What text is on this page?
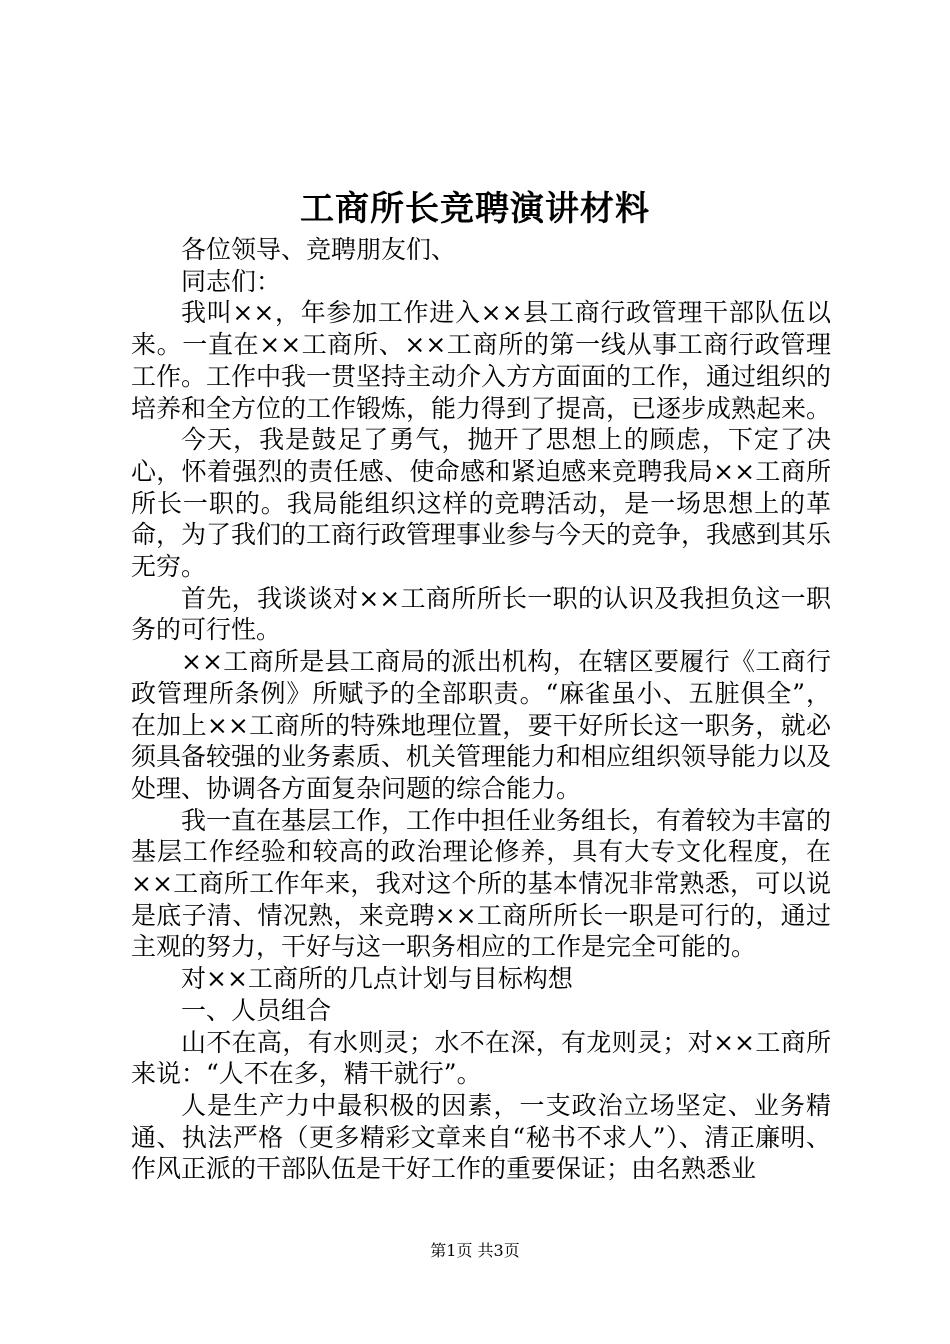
工商所长竞聘演讲材料

各位领导、竞聘朋友们、

同志们：

我叫××，年参加工作进入××县工商行政管理干部队伍以来。一直在××工商所、××工商所的第一线从事工商行政管理工作。工作中我一贯坚持主动介入方方面面的工作，通过组织的培养和全方位的工作锻炼，能力得到了提高，已逐步成熟起来。

今天，我是鼓足了勇气，抛开了思想上的顾虑，下定了决心，怀着强烈的责任感、使命感和紧迫感来竞聘我局××工商所所长一职的。我局能组织这样的竞聘活动，是一场思想上的革命，为了我们的工商行政管理事业参与今天的竞争，我感到其乐无穷。

首先，我谈谈对××工商所所长一职的认识及我担负这一职务的可行性。

××工商所是县工商局的派出机构，在辖区要履行《工商行政管理所条例》所赋予的全部职责。“麻雀虽小、五脏俱全”，在加上××工商所的特殊地理位置，要干好所长这一职务，就必须具备较强的业务素质、机关管理能力和相应组织领导能力以及处理、协调各方面复杂问题的综合能力。

我一直在基层工作，工作中担任业务组长，有着较为丰富的基层工作经验和较高的政治理论修养，具有大专文化程度，在××工商所工作年来，我对这个所的基本情况非常熟悉，可以说是底子清、情况熟，来竞聘××工商所所长一职是可行的，通过主观的努力，干好与这一职务相应的工作是完全可能的。

对××工商所的几点计划与目标构想

一、人员组合

山不在高，有水则灵；水不在深，有龙则灵；对××工商所来说：“人不在多，精干就行”。

人是生产力中最积极的因素，一支政治立场坚定、业务精通、执法严格（更多精彩文章来自“秘书不求人”）、清正廉明、作风正派的干部队伍是干好工作的重要保证；由名熟悉业

第1页 共3页
